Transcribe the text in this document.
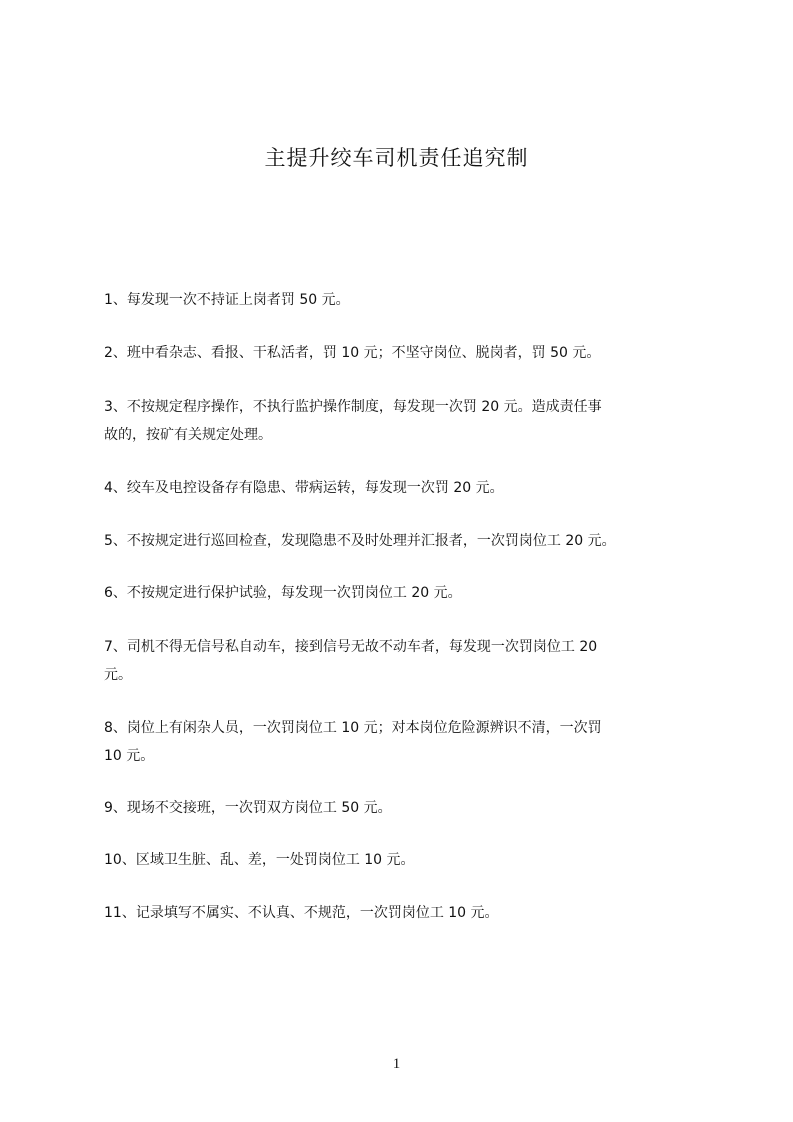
主提升绞车司机责任追究制

1、每发现一次不持证上岗者罚 50 元。

2、班中看杂志、看报、干私活者，罚 10 元；不坚守岗位、脱岗者，罚 50 元。

3、不按规定程序操作，不执行监护操作制度，每发现一次罚 20 元。造成责任事
故的，按矿有关规定处理。

4、绞车及电控设备存有隐患、带病运转，每发现一次罚 20 元。

5、不按规定进行巡回检查，发现隐患不及时处理并汇报者，一次罚岗位工 20 元。

6、不按规定进行保护试验，每发现一次罚岗位工 20 元。

7、司机不得无信号私自动车，接到信号无故不动车者，每发现一次罚岗位工 20
元。

8、岗位上有闲杂人员，一次罚岗位工 10 元；对本岗位危险源辨识不清，一次罚
10 元。

9、现场不交接班，一次罚双方岗位工 50 元。

10、区域卫生脏、乱、差，一处罚岗位工 10 元。

11、记录填写不属实、不认真、不规范，一次罚岗位工 10 元。

1
